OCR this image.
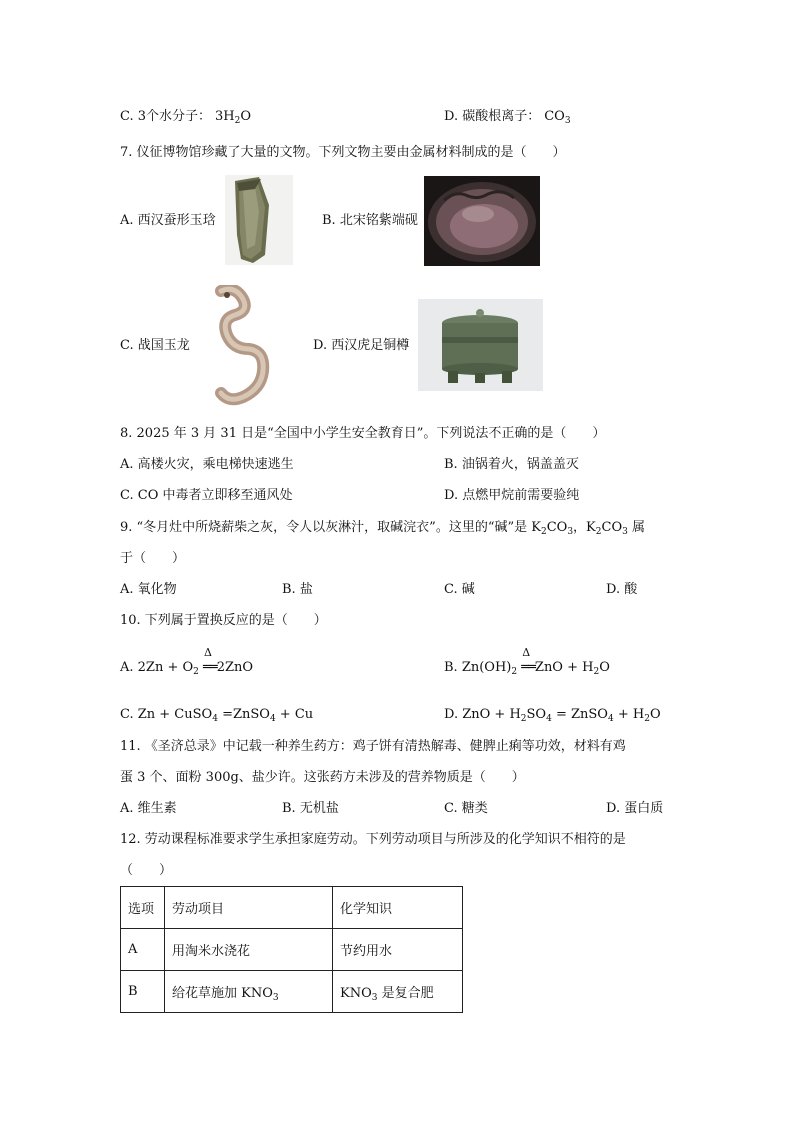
C. 3个水分子： $3H_2O$	D. 碳酸根离子： $CO_3$
7. 仪征博物馆珍藏了大量的文物。下列文物主要由金属材料制成的是（　　）
A. 西汉蚕形玉琀	B. 北宋铭紫端砚
C. 战国玉龙	D. 西汉虎足铜樽
8. 2025 年 3 月 31 日是“全国中小学生安全教育日”。下列说法不正确的是（　　）
A. 高楼火灾，乘电梯快速逃生	B. 油锅着火，锅盖盖灭
C. CO 中毒者立即移至通风处	D. 点燃甲烷前需要验纯
9. “冬月灶中所烧薪柴之灰，令人以灰淋汁，取碱浣衣”。这里的“碱”是 $K_2CO_3$，$K_2CO_3$ 属
于（　　）
A. 氧化物	B. 盐	C. 碱	D. 酸
10. 下列属于置换反应的是（　　）
A. $2Zn + O_2$
Δ
══2ZnO	B. $Zn(OH)_2$
Δ
══ZnO + $H_2O$
C. Zn + CuSO$_4$ =ZnSO$_4$ + Cu	D. ZnO + $H_2SO_4$ = ZnSO$_4$ + $H_2O$
11. 《圣济总录》中记载一种养生药方：鸡子饼有清热解毒、健脾止痢等功效，材料有鸡
蛋 3 个、面粉 300g、盐少许。这张药方未涉及的营养物质是（　　）
A. 维生素	B. 无机盐	C. 糖类	D. 蛋白质
12. 劳动课程标准要求学生承担家庭劳动。下列劳动项目与所涉及的化学知识不相符的是
（　　）
选项	劳动项目	化学知识
A	用淘米水浇花	节约用水
B	给花草施加 $KNO_3$	$KNO_3$ 是复合肥
